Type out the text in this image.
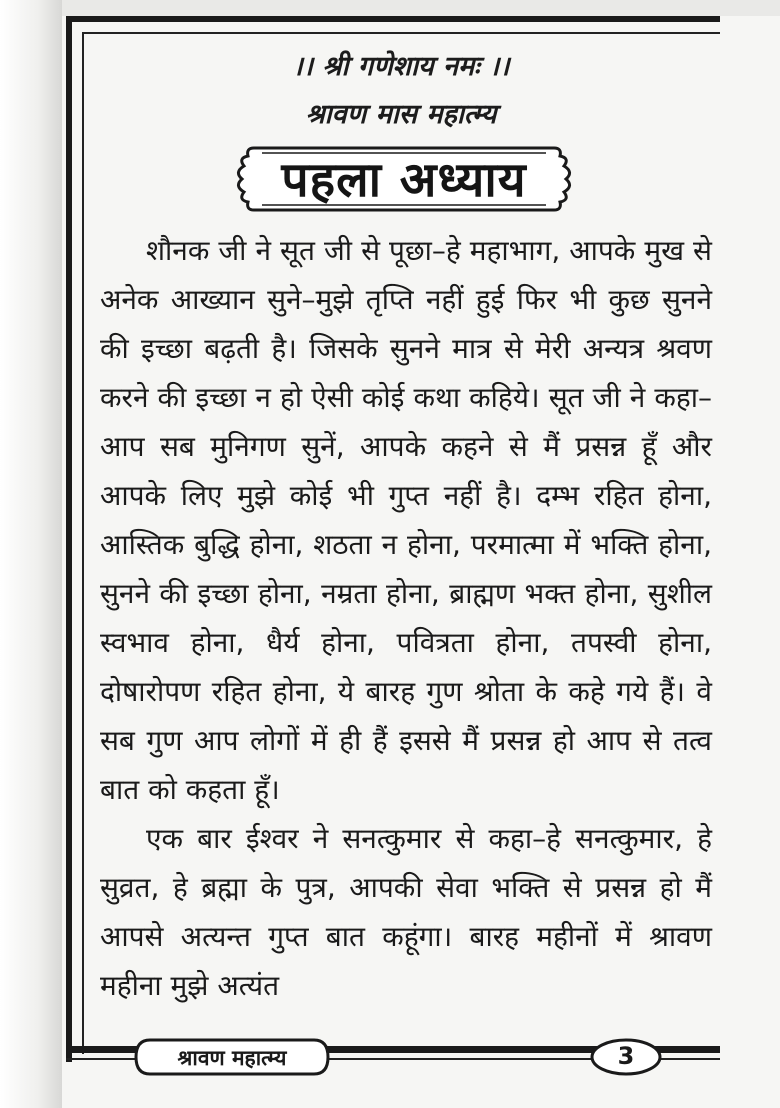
।। श्री गणेशाय नमः ।।
श्रावण मास महात्म्य
पहला अध्याय

शौनक जी ने सूत जी से पूछा–हे महाभाग, आपके मुख से अनेक आख्यान सुने–मुझे तृप्ति नहीं हुई फिर भी कुछ सुनने की इच्छा बढ़ती है। जिसके सुनने मात्र से मेरी अन्यत्र श्रवण करने की इच्छा न हो ऐसी कोई कथा कहिये। सूत जी ने कहा–आप सब मुनिगण सुनें, आपके कहने से मैं प्रसन्न हूँ और आपके लिए मुझे कोई भी गुप्त नहीं है। दम्भ रहित होना, आस्तिक बुद्धि होना, शठता न होना, परमात्मा में भक्ति होना, सुनने की इच्छा होना, नम्रता होना, ब्राह्मण भक्त होना, सुशील स्वभाव होना, धैर्य होना, पवित्रता होना, तपस्वी होना, दोषारोपण रहित होना, ये बारह गुण श्रोता के कहे गये हैं। वे सब गुण आप लोगों में ही हैं इससे मैं प्रसन्न हो आप से तत्व बात को कहता हूँ।

एक बार ईश्वर ने सनत्कुमार से कहा–हे सनत्कुमार, हे सुव्रत, हे ब्रह्मा के पुत्र, आपकी सेवा भक्ति से प्रसन्न हो मैं आपसे अत्यन्त गुप्त बात कहूंगा। बारह महीनों में श्रावण महीना मुझे अत्यंत

श्रावण महात्म्य	3
